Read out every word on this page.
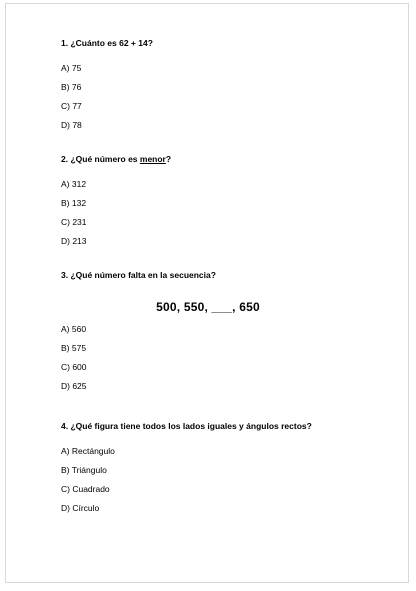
1. ¿Cuánto es 62 + 14?
A) 75
B) 76
C) 77
D) 78
2. ¿Qué número es menor?
A) 312
B) 132
C) 231
D) 213
3. ¿Qué número falta en la secuencia?
500, 550, ___, 650
A) 560
B) 575
C) 600
D) 625
4. ¿Qué figura tiene todos los lados iguales y ángulos rectos?
A) Rectángulo
B) Triángulo
C) Cuadrado
D) Círculo
